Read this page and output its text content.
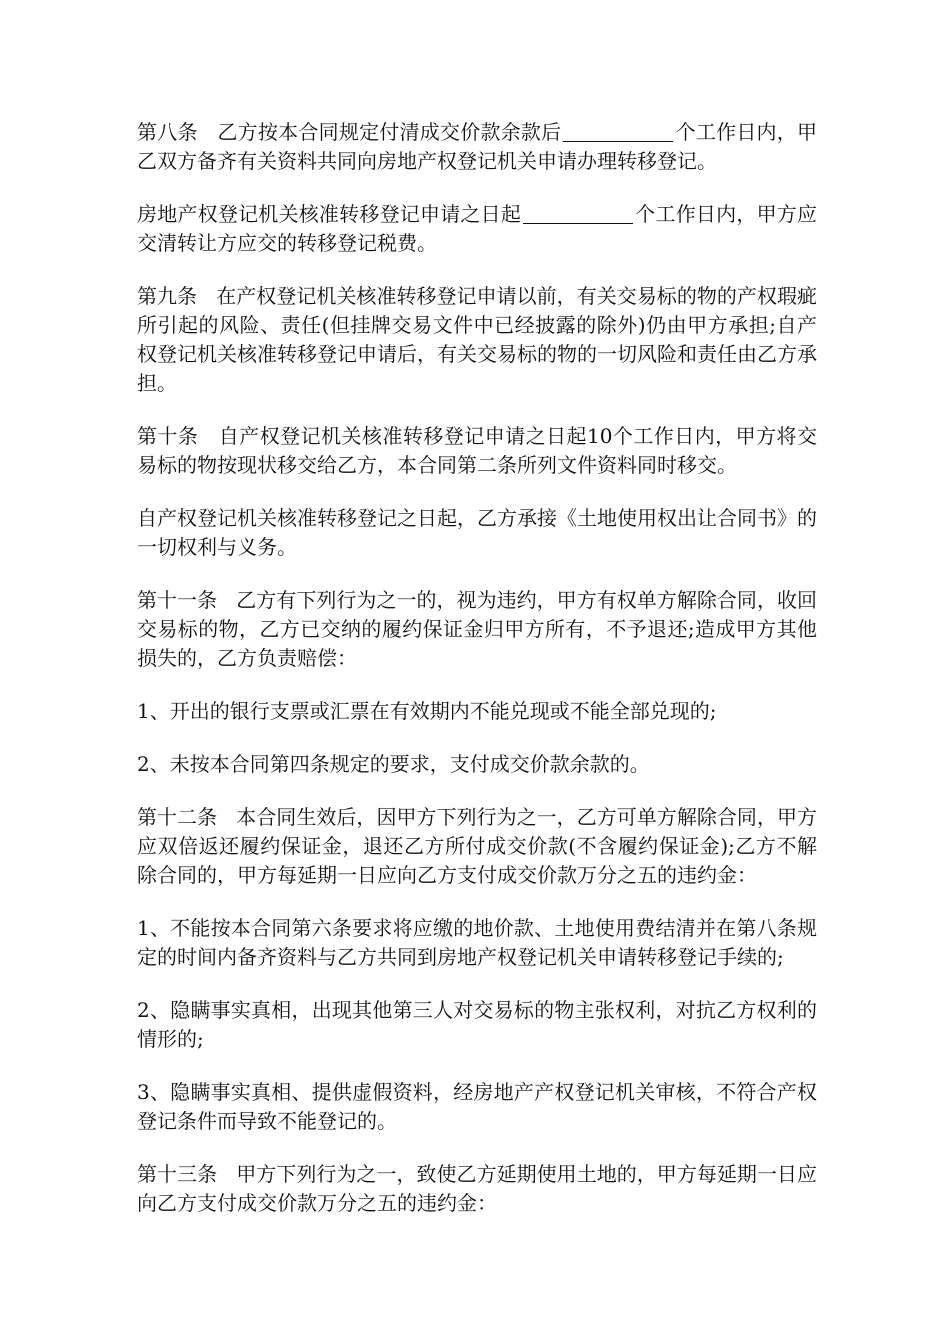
第八条   乙方按本合同规定付清成交价款余款后	个工作日内，甲乙双方备齐有关资料共同向房地产权登记机关申请办理转移登记。

房地产权登记机关核准转移登记申请之日起	个工作日内，甲方应交清转让方应交的转移登记税费。

第九条   在产权登记机关核准转移登记申请以前，有关交易标的物的产权瑕疵所引起的风险、责任(但挂牌交易文件中已经披露的除外)仍由甲方承担;自产权登记机关核准转移登记申请后，有关交易标的物的一切风险和责任由乙方承担。

第十条   自产权登记机关核准转移登记申请之日起10个工作日内，甲方将交易标的物按现状移交给乙方，本合同第二条所列文件资料同时移交。

自产权登记机关核准转移登记之日起，乙方承接《土地使用权出让合同书》的一切权利与义务。

第十一条   乙方有下列行为之一的，视为违约，甲方有权单方解除合同，收回交易标的物，乙方已交纳的履约保证金归甲方所有，不予退还;造成甲方其他损失的，乙方负责赔偿：

1、开出的银行支票或汇票在有效期内不能兑现或不能全部兑现的;

2、未按本合同第四条规定的要求，支付成交价款余款的。

第十二条   本合同生效后，因甲方下列行为之一，乙方可单方解除合同，甲方应双倍返还履约保证金，退还乙方所付成交价款(不含履约保证金);乙方不解除合同的，甲方每延期一日应向乙方支付成交价款万分之五的违约金：

1、不能按本合同第六条要求将应缴的地价款、土地使用费结清并在第八条规定的时间内备齐资料与乙方共同到房地产权登记机关申请转移登记手续的;

2、隐瞒事实真相，出现其他第三人对交易标的物主张权利，对抗乙方权利的情形的;

3、隐瞒事实真相、提供虚假资料，经房地产产权登记机关审核，不符合产权登记条件而导致不能登记的。

第十三条   甲方下列行为之一，致使乙方延期使用土地的，甲方每延期一日应向乙方支付成交价款万分之五的违约金：
